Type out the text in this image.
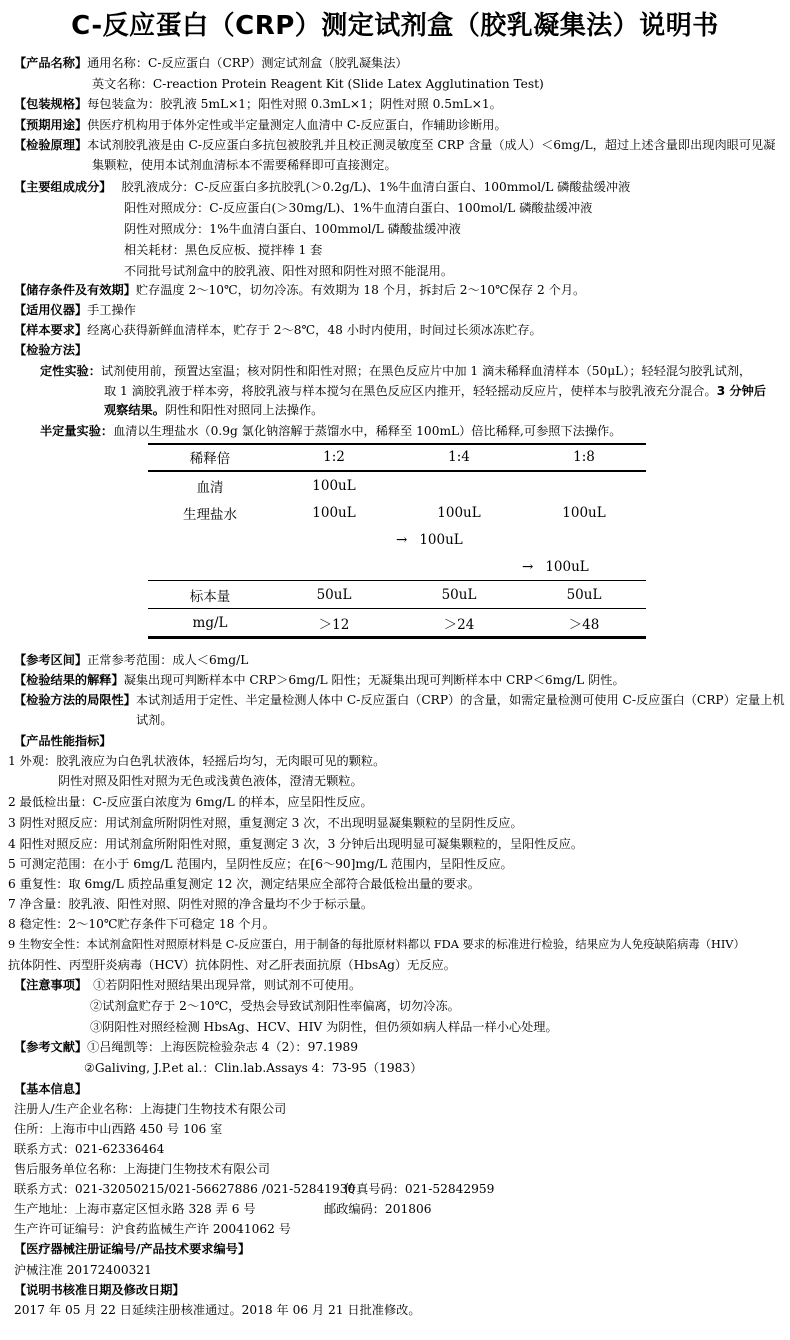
C-反应蛋白（CRP）测定试剂盒（胶乳凝集法）说明书
【产品名称】通用名称：C-反应蛋白（CRP）测定试剂盒（胶乳凝集法）
英文名称：C-reaction Protein Reagent Kit (Slide Latex Agglutination Test)
【包装规格】每包装盒为：胶乳液 5mL×1；阳性对照 0.3mL×1；阴性对照 0.5mL×1。
【预期用途】供医疗机构用于体外定性或半定量测定人血清中 C-反应蛋白，作辅助诊断用。
【检验原理】本试剂胶乳液是由 C-反应蛋白多抗包被胶乳并且校正测灵敏度至 CRP 含量（成人）＜6mg/L，超过上述含量即出现肉眼可见凝
集颗粒，使用本试剂血清标本不需要稀释即可直接测定。
【主要组成成分】 胶乳液成分：C-反应蛋白多抗胶乳(＞0.2g/L)、1%牛血清白蛋白、100mmol/L 磷酸盐缓冲液
阳性对照成分：C-反应蛋白(＞30mg/L)、1%牛血清白蛋白、100mol/L 磷酸盐缓冲液
阴性对照成分：1%牛血清白蛋白、100mmol/L 磷酸盐缓冲液
相关耗材：黑色反应板、搅拌棒 1 套
不同批号试剂盒中的胶乳液、阳性对照和阴性对照不能混用。
【储存条件及有效期】贮存温度 2～10℃，切勿冷冻。有效期为 18 个月，拆封后 2～10℃保存 2 个月。
【适用仪器】手工操作
【样本要求】经离心获得新鲜血清样本，贮存于 2～8℃，48 小时内使用，时间过长须冰冻贮存。
【检验方法】
定性实验：试剂使用前，预置达室温；核对阴性和阳性对照；在黑色反应片中加 1 滴未稀释血清样本（50μL）；轻轻混匀胶乳试剂，
取 1 滴胶乳液于样本旁，将胶乳液与样本搅匀在黑色反应区内推开，轻轻摇动反应片，使样本与胶乳液充分混合。3 分钟后
观察结果。阴性和阳性对照同上法操作。
半定量实验：血清以生理盐水（0.9g 氯化钠溶解于蒸馏水中，稀释至 100mL）倍比稀释,可参照下法操作。
稀释倍	1:2	1:4	1:8
血清	100uL		
生理盐水	100uL	100uL	100uL
		→ 100uL	
			→ 100uL
标本量	50uL	50uL	50uL
mg/L	＞12	＞24	＞48
【参考区间】正常参考范围：成人＜6mg/L
【检验结果的解释】凝集出现可判断样本中 CRP＞6mg/L 阳性；无凝集出现可判断样本中 CRP＜6mg/L 阴性。
【检验方法的局限性】本试剂适用于定性、半定量检测人体中 C-反应蛋白（CRP）的含量，如需定量检测可使用 C-反应蛋白（CRP）定量上机
试剂。
【产品性能指标】
1 外观：胶乳液应为白色乳状液体，轻摇后均匀，无肉眼可见的颗粒。
阴性对照及阳性对照为无色或浅黄色液体，澄清无颗粒。
2 最低检出量：C-反应蛋白浓度为 6mg/L 的样本，应呈阳性反应。
3 阴性对照反应：用试剂盒所附阴性对照，重复测定 3 次，不出现明显凝集颗粒的呈阴性反应。
4 阳性对照反应：用试剂盒所附阳性对照，重复测定 3 次，3 分钟后出现明显可凝集颗粒的，呈阳性反应。
5 可测定范围：在小于 6mg/L 范围内，呈阴性反应；在[6～90]mg/L 范围内，呈阳性反应。
6 重复性：取 6mg/L 质控品重复测定 12 次，测定结果应全部符合最低检出量的要求。
7 净含量：胶乳液、阳性对照、阴性对照的净含量均不少于标示量。
8 稳定性：2～10℃贮存条件下可稳定 18 个月。
9 生物安全性：本试剂盒阳性对照原材料是 C-反应蛋白，用于制备的每批原材料都以 FDA 要求的标准进行检验，结果应为人免疫缺陷病毒（HIV）
抗体阴性、丙型肝炎病毒（HCV）抗体阴性、对乙肝表面抗原（HbsAg）无反应。
【注意事项】 ①若阴阳性对照结果出现异常，则试剂不可使用。
②试剂盒贮存于 2～10℃，受热会导致试剂阳性率偏离，切勿冷冻。
③阴阳性对照经检测 HbsAg、HCV、HIV 为阴性，但仍须如病人样品一样小心处理。
【参考文献】①吕绳凯等：上海医院检验杂志 4（2）：97.1989
②Galiving, J.P.et al.：Clin.lab.Assays 4：73-95（1983）
【基本信息】
注册人/生产企业名称：上海捷门生物技术有限公司
住所：上海市中山西路 450 号 106 室
联系方式：021-62336464
售后服务单位名称：上海捷门生物技术有限公司
联系方式：021-32050215/021-56627886 /021-52841930
传真号码：021-52842959
生产地址：上海市嘉定区恒永路 328 弄 6 号	邮政编码：201806
生产许可证编号：沪食药监械生产许 20041062 号
【医疗器械注册证编号/产品技术要求编号】
沪械注准 20172400321
【说明书核准日期及修改日期】
2017 年 05 月 22 日延续注册核准通过。2018 年 06 月 21 日批准修改。
